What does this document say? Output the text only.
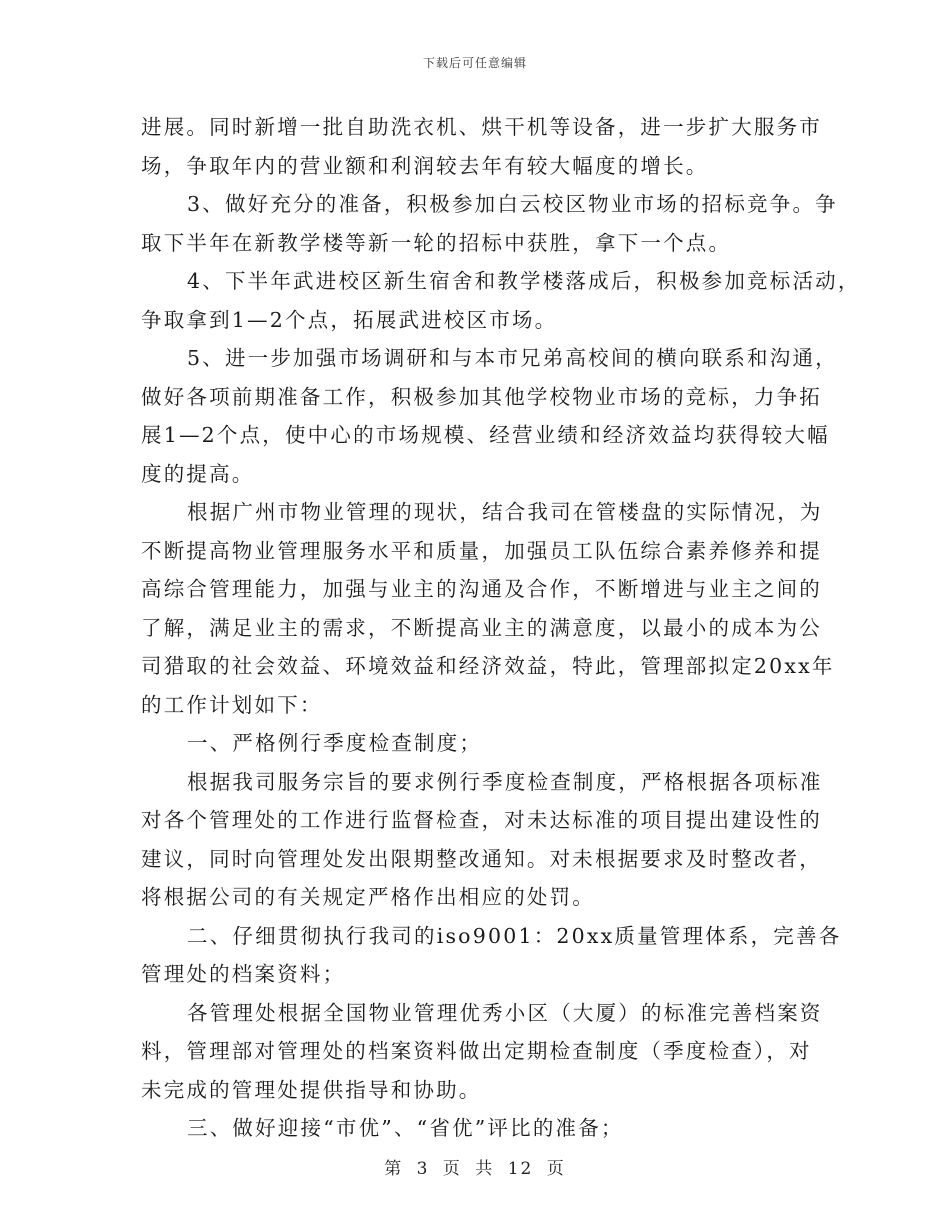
下载后可任意编辑
进展。同时新增一批自助洗衣机、烘干机等设备，进一步扩大服务市
场，争取年内的营业额和利润较去年有较大幅度的增长。
3、做好充分的准备，积极参加白云校区物业市场的招标竞争。争
取下半年在新教学楼等新一轮的招标中获胜，拿下一个点。
4、下半年武进校区新生宿舍和教学楼落成后，积极参加竞标活动，
争取拿到1—2个点，拓展武进校区市场。
5、进一步加强市场调研和与本市兄弟高校间的横向联系和沟通，
做好各项前期准备工作，积极参加其他学校物业市场的竞标，力争拓
展1—2个点，使中心的市场规模、经营业绩和经济效益均获得较大幅
度的提高。
根据广州市物业管理的现状，结合我司在管楼盘的实际情况，为
不断提高物业管理服务水平和质量，加强员工队伍综合素养修养和提
高综合管理能力，加强与业主的沟通及合作，不断增进与业主之间的
了解，满足业主的需求，不断提高业主的满意度，以最小的成本为公
司猎取的社会效益、环境效益和经济效益，特此，管理部拟定20xx年
的工作计划如下：
一、严格例行季度检查制度；
根据我司服务宗旨的要求例行季度检查制度，严格根据各项标准
对各个管理处的工作进行监督检查，对未达标准的项目提出建设性的
建议，同时向管理处发出限期整改通知。对未根据要求及时整改者，
将根据公司的有关规定严格作出相应的处罚。
二、仔细贯彻执行我司的iso9001：20xx质量管理体系，完善各
管理处的档案资料；
各管理处根据全国物业管理优秀小区（大厦）的标准完善档案资
料，管理部对管理处的档案资料做出定期检查制度（季度检查），对
未完成的管理处提供指导和协助。
三、做好迎接“市优”、“省优”评比的准备；
第 3 页 共 12 页
